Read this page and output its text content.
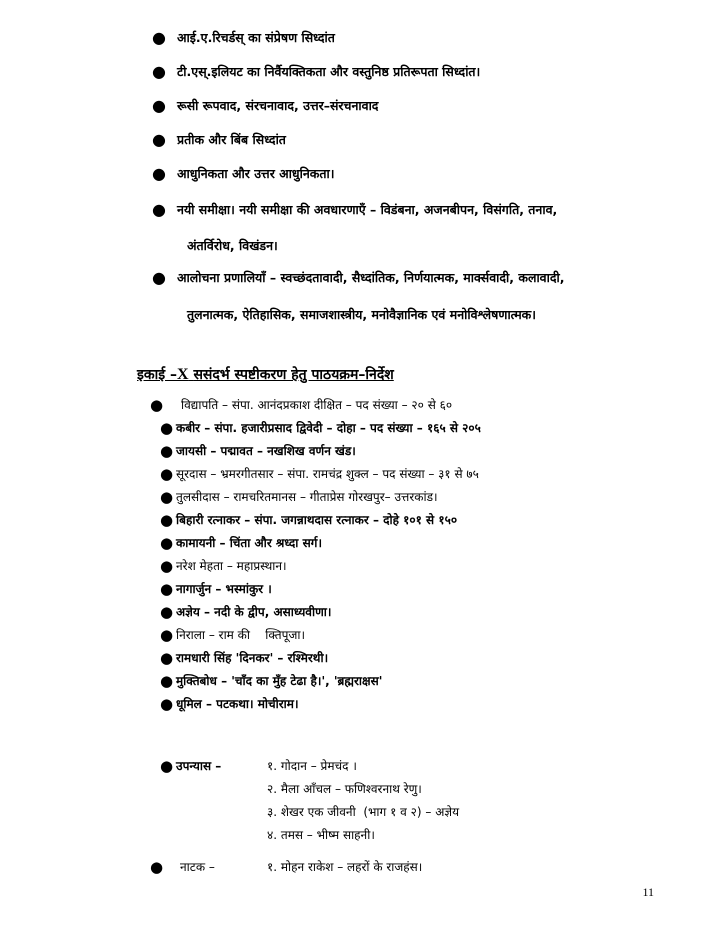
● आई.ए.रिचर्डस् का संप्रेषण सिध्दांत
● टी.एस्.इलियट का निर्वैयक्तिकता और वस्तुनिष्ठ प्रतिरूपता सिध्दांत।
● रूसी रूपवाद, संरचनावाद, उत्तर–संरचनावाद
● प्रतीक और बिंब सिध्दांत
● आधुनिकता और उत्तर आधुनिकता।
● नयी समीक्षा। नयी समीक्षा की अवधारणाएँ – विडंबना, अजनबीपन, विसंगति, तनाव,
अंतर्विरोध, विखंडन।
● आलोचना प्रणालियाँ – स्वच्छंदतावादी, सैध्दांतिक, निर्णयात्मक, मार्क्सवादी, कलावादी,
तुलनात्मक, ऐतिहासिक, समाजशास्त्रीय, मनोवैज्ञानिक एवं मनोविश्लेषणात्मक।
इकाई –X ससंदर्भ स्पष्टीकरण हेतु पाठयक्रम–निर्देश
● विद्यापति – संपा. आनंदप्रकाश दीक्षित – पद संख्या – २० से ६०
● कबीर – संपा. हजारीप्रसाद द्विवेदी – दोहा – पद संख्या – १६५ से २०५
● जायसी – पद्मावत – नखशिख वर्णन खंड।
● सूरदास – भ्रमरगीतसार – संपा. रामचंद्र शुक्ल – पद संख्या – ३१ से ७५
● तुलसीदास – रामचरितमानस – गीताप्रेस गोरखपुर– उत्तरकांड।
● बिहारी रत्नाकर – संपा. जगन्नाथदास रत्नाकर – दोहे १०१ से १५०
● कामायनी – चिंता और श्रध्दा सर्ग।
● नरेश मेहता – महाप्रस्थान।
● नागार्जुन – भस्मांकुर ।
● अज्ञेय – नदी के द्वीप, असाध्यवीणा।
● निराला – राम की    क्तिपूजा।
● रामधारी सिंह 'दिनकर' – रश्मिरथी।
● मुक्तिबोध – 'चाँद का मुँह टेढा है।', 'ब्रह्मराक्षस'
● धूमिल – पटकथा। मोचीराम।
● उपन्यास –	१. गोदान – प्रेमचंद ।
२. मैला आँचल – फणिश्वरनाथ रेणु।
३. शेखर एक जीवनी  (भाग १ व २) – अज्ञेय
४. तमस – भीष्म साहनी।
● नाटक –	१. मोहन राकेश – लहरों के राजहंस।
11
